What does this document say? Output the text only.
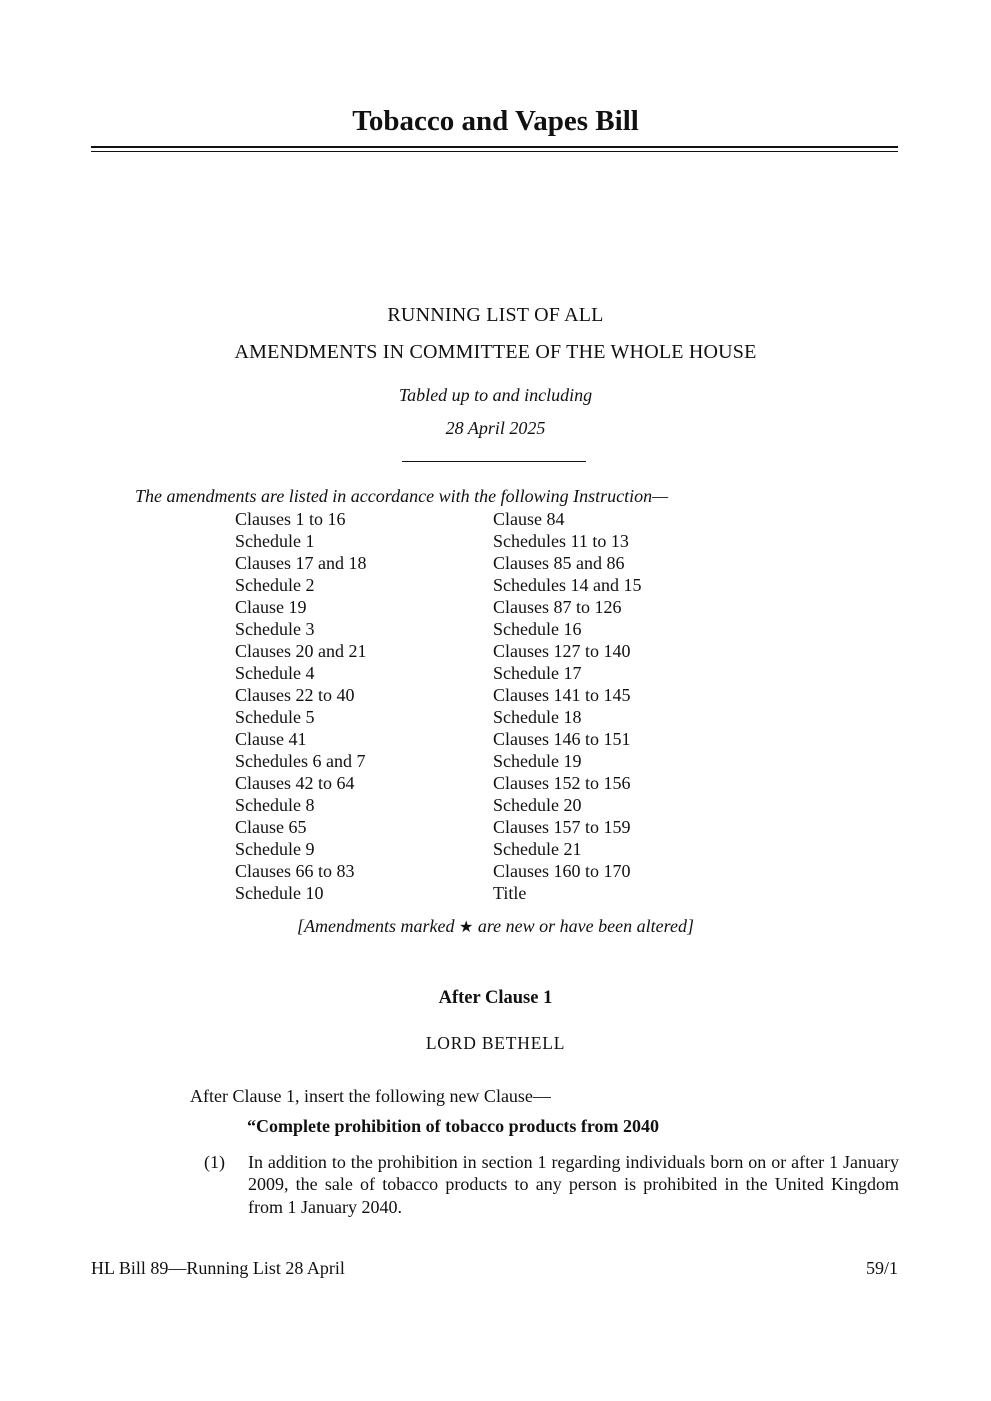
Tobacco and Vapes Bill
RUNNING LIST OF ALL
AMENDMENTS IN COMMITTEE OF THE WHOLE HOUSE
Tabled up to and including
28 April 2025
The amendments are listed in accordance with the following Instruction—
Clauses 1 to 16
Schedule 1
Clauses 17 and 18
Schedule 2
Clause 19
Schedule 3
Clauses 20 and 21
Schedule 4
Clauses 22 to 40
Schedule 5
Clause 41
Schedules 6 and 7
Clauses 42 to 64
Schedule 8
Clause 65
Schedule 9
Clauses 66 to 83
Schedule 10
Clause 84
Schedules 11 to 13
Clauses 85 and 86
Schedules 14 and 15
Clauses 87 to 126
Schedule 16
Clauses 127 to 140
Schedule 17
Clauses 141 to 145
Schedule 18
Clauses 146 to 151
Schedule 19
Clauses 152 to 156
Schedule 20
Clauses 157 to 159
Schedule 21
Clauses 160 to 170
Title
[Amendments marked ★ are new or have been altered]
After Clause 1
LORD BETHELL
After Clause 1, insert the following new Clause—
“Complete prohibition of tobacco products from 2040
(1) In addition to the prohibition in section 1 regarding individuals born on or after 1 January 2009, the sale of tobacco products to any person is prohibited in the United Kingdom from 1 January 2040.
HL Bill 89—Running List 28 April	59/1
